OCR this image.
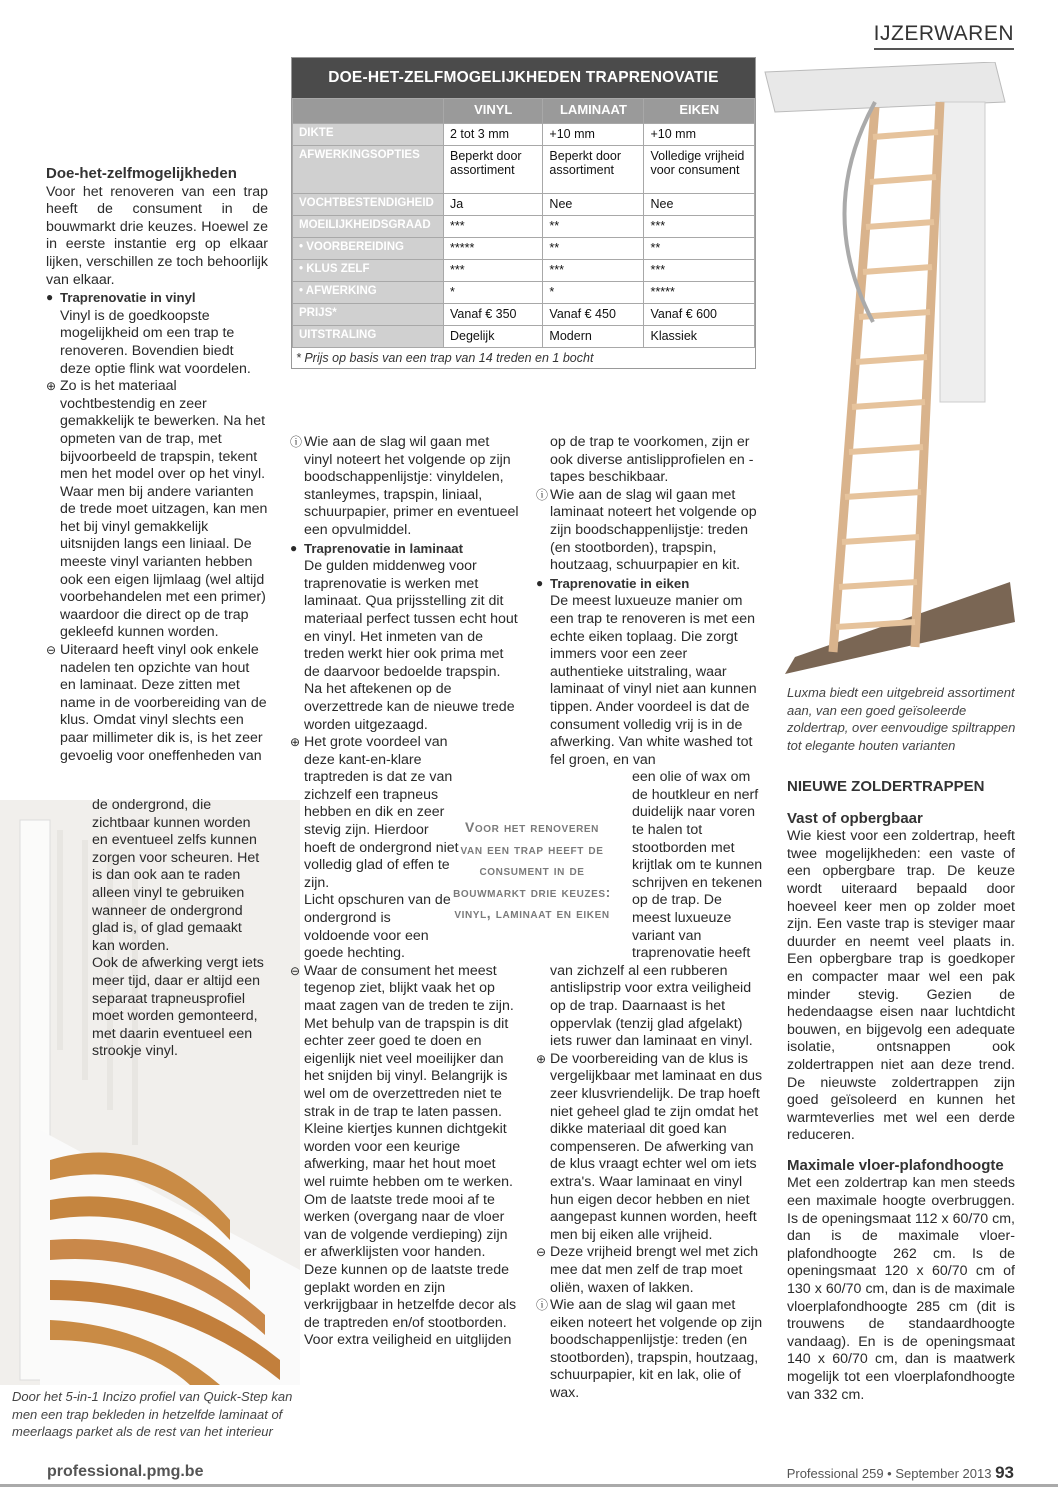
IJZERWAREN
DOE-HET-ZELFMOGELIJKHEDEN TRAPRENOVATIE
	VINYL	LAMINAAT	EIKEN
DIKTE	2 tot 3 mm	+10 mm	+10 mm
AFWERKINGSOPTIES	Beperkt door assortiment	Beperkt door assortiment	Volledige vrijheid voor consument
VOCHTBESTENDIGHEID	Ja	Nee	Nee
MOEILIJKHEIDSGRAAD	***	**	***
• VOORBEREIDING	*****	**	**
• KLUS ZELF	***	***	***
• AFWERKING	*	*	*****
PRIJS*	Vanaf € 350	Vanaf € 450	Vanaf € 600
UITSTRALING	Degelijk	Modern	Klassiek
* Prijs op basis van een trap van 14 treden en 1 bocht
Doe-het-zelfmogelijkheden

Voor het renoveren van een trap heeft de consument in de bouwmarkt drie keuzes. Hoewel ze in eerste instantie erg op elkaar lijken, verschillen ze toch behoorlijk van elkaar.

● Traprenovatie in vinyl

Vinyl is de goedkoopste mogelijkheid om een trap te renoveren. Bovendien biedt deze optie flink wat voordelen.

⊕ Zo is het materiaal vochtbestendig en zeer gemakkelijk te bewerken. Na het opmeten van de trap, met bijvoorbeeld de trapspin, tekent men het model over op het vinyl. Waar men bij andere varianten de trede moet uitzagen, kan men het bij vinyl gemakkelijk uitsnijden langs een liniaal. De meeste vinyl varianten hebben ook een eigen lijmlaag (wel altijd voorbehandelen met een primer) waardoor die direct op de trap gekleefd kunnen worden.

⊖ Uiteraard heeft vinyl ook enkele nadelen ten opzichte van hout en laminaat. Deze zitten met name in de voorbereiding van de klus. Omdat vinyl slechts een paar millimeter dik is, is het zeer gevoelig voor oneffenheden van

de ondergrond, die zichtbaar kunnen worden en eventueel zelfs kunnen zorgen voor scheuren. Het is dan ook aan te raden alleen vinyl te gebruiken wanneer de ondergrond glad is, of glad gemaakt kan worden.

Ook de afwerking vergt iets meer tijd, daar er altijd een separaat trapneusprofiel moet worden gemonteerd, met daarin eventueel een strookje vinyl.

Door het 5-in-1 Incizo profiel van Quick-Step kan men een trap bekleden in hetzelfde laminaat of meerlaags parket als de rest van het interieur
ⓘ Wie aan de slag wil gaan met vinyl noteert het volgende op zijn boodschappenlijstje: vinyldelen, stanleymes, trapspin, liniaal, schuurpapier, primer en eventueel een opvulmiddel.

● Traprenovatie in laminaat

De gulden middenweg voor traprenovatie is werken met laminaat. Qua prijsstelling zit dit materiaal perfect tussen echt hout en vinyl. Het inmeten van de treden werkt hier ook prima met de daarvoor bedoelde trapspin. Na het aftekenen op de overzettrede kan de nieuwe trede worden uitgezaagd.

⊕ Het grote voordeel van deze kant-en-klare traptreden is dat ze van zichzelf een trapneus hebben en dik en zeer stevig zijn. Hierdoor hoeft de ondergrond niet volledig glad of effen te zijn.

Licht opschuren van de ondergrond is voldoende voor een goede hechting.

⊖ Waar de consument het meest tegenop ziet, blijkt vaak het op maat zagen van de treden te zijn. Met behulp van de trapspin is dit echter zeer goed te doen en eigenlijk niet veel moeilijker dan het snijden bij vinyl. Belangrijk is wel om de overzettreden niet te strak in de trap te laten passen. Kleine kiertjes kunnen dichtgekit worden voor een keurige afwerking, maar het hout moet wel ruimte hebben om te werken.

Om de laatste trede mooi af te werken (overgang naar de vloer van de volgende verdieping) zijn er afwerklijsten voor handen. Deze kunnen op de laatste trede geplakt worden en zijn verkrijgbaar in hetzelfde decor als de traptreden en/of stootborden. Voor extra veiligheid en uitglijden

Voor het renoveren van een trap heeft de consument in de bouwmarkt drie keuzes: vinyl, laminaat en eiken

op de trap te voorkomen, zijn er ook diverse antislipprofielen en -tapes beschikbaar.

ⓘ Wie aan de slag wil gaan met laminaat noteert het volgende op zijn boodschappenlijstje: treden (en stootborden), trapspin, houtzaag, schuurpapier en kit.

● Traprenovatie in eiken

De meest luxueuze manier om een trap te renoveren is met een echte eiken toplaag. Die zorgt immers voor een zeer authentieke uitstraling, waar laminaat of vinyl niet aan kunnen tippen. Ander voordeel is dat de consument volledig vrij is in de afwerking. Van white washed tot fel groen, en van

een olie of wax om de houtkleur en nerf duidelijk naar voren te halen tot stootborden met krijtlak om te kunnen schrijven en tekenen op de trap. De meest luxueuze variant van traprenovatie heeft

van zichzelf al een rubberen antislipstrip voor extra veiligheid op de trap. Daarnaast is het oppervlak (tenzij glad afgelakt) iets ruwer dan laminaat en vinyl.

⊕ De voorbereiding van de klus is vergelijkbaar met laminaat en dus zeer klusvriendelijk. De trap hoeft niet geheel glad te zijn omdat het dikke materiaal dit goed kan compenseren. De afwerking van de klus vraagt echter wel om iets extra's. Waar laminaat en vinyl hun eigen decor hebben en niet aangepast kunnen worden, heeft men bij eiken alle vrijheid.

⊖ Deze vrijheid brengt wel met zich mee dat men zelf de trap moet oliën, waxen of lakken.

ⓘ Wie aan de slag wil gaan met eiken noteert het volgende op zijn boodschappenlijstje: treden (en stootborden), trapspin, houtzaag, schuurpapier, kit en lak, olie of wax.

Luxma biedt een uitgebreid assortiment aan, van een goed geïsoleerde zoldertrap, over eenvoudige spiltrappen tot elegante houten varianten
NIEUWE ZOLDERTRAPPEN
Vast of opbergbaar

Wie kiest voor een zoldertrap, heeft twee mogelijkheden: een vaste of een opbergbare trap. De keuze wordt uiteraard bepaald door hoeveel keer men op zolder moet zijn. Een vaste trap is steviger maar duurder en neemt veel plaats in. Een opbergbare trap is goedkoper en compacter maar wel een pak minder stevig. Gezien de hedendaagse eisen naar luchtdicht bouwen, en bijgevolg een adequate isolatie, ontsnappen ook zoldertrappen niet aan deze trend. De nieuwste zoldertrappen zijn goed geïsoleerd en kunnen het warmteverlies met wel een derde reduceren.

Maximale vloer-plafondhoogte

Met een zoldertrap kan men steeds een maximale hoogte overbruggen. Is de openingsmaat 112 x 60/70 cm, dan is de maximale vloer-plafondhoogte 262 cm. Is de openingsmaat 120 x 60/70 cm of 130 x 60/70 cm, dan is de maximale vloerplafondhoogte 285 cm (dit is trouwens de standaardhoogte vandaag). En is de openingsmaat 140 x 60/70 cm, dan is maatwerk mogelijk tot een vloerplafondhoogte van 332 cm.

professional.pmg.be	Professional 259 • September 2013 93
